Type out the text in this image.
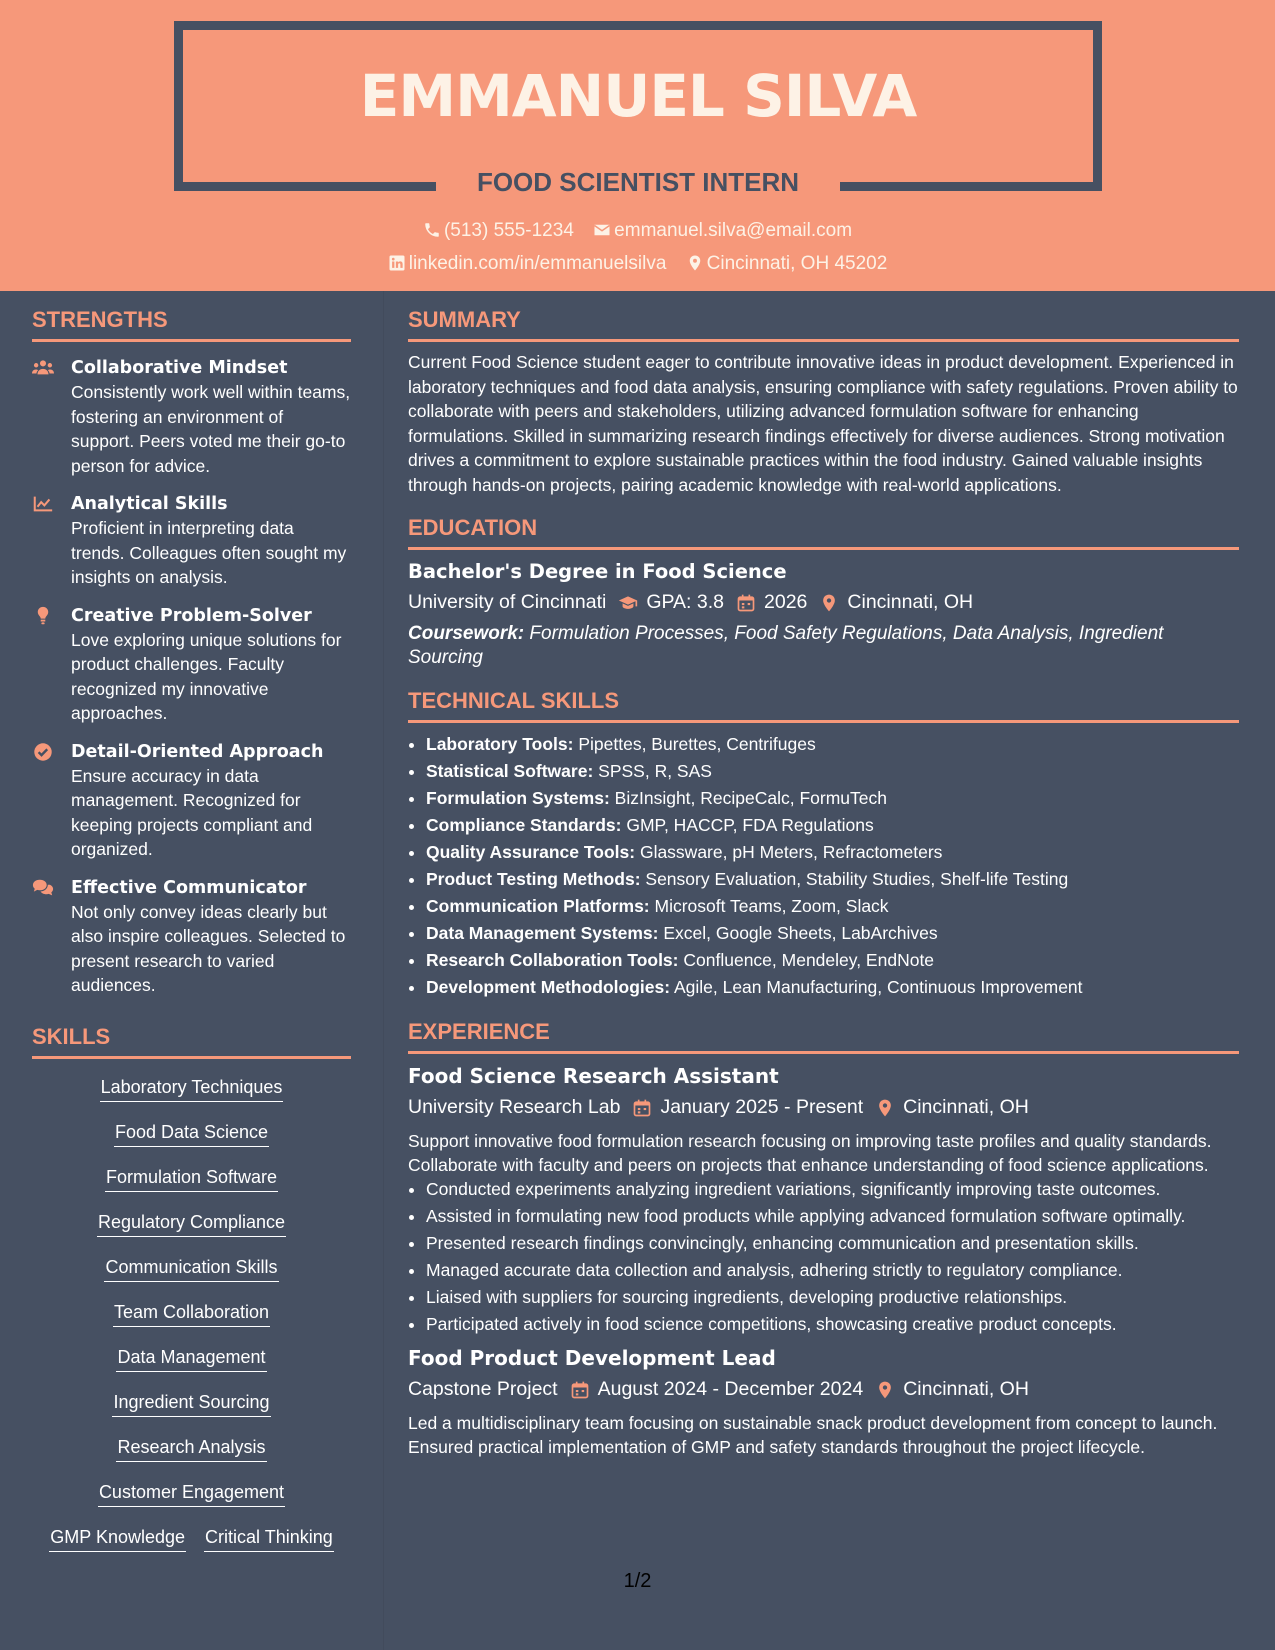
EMMANUEL SILVA
FOOD SCIENTIST INTERN
(513) 555-1234 emmanuel.silva@email.com
linkedin.com/in/emmanuelsilva Cincinnati, OH 45202
STRENGTHS
Collaborative Mindset
Consistently work well within teams, fostering an environment of support. Peers voted me their go-to person for advice.
Analytical Skills
Proficient in interpreting data trends. Colleagues often sought my insights on analysis.
Creative Problem-Solver
Love exploring unique solutions for product challenges. Faculty recognized my innovative approaches.
Detail-Oriented Approach
Ensure accuracy in data management. Recognized for keeping projects compliant and organized.
Effective Communicator
Not only convey ideas clearly but also inspire colleagues. Selected to present research to varied audiences.
SKILLS
Laboratory Techniques
Food Data Science
Formulation Software
Regulatory Compliance
Communication Skills
Team Collaboration
Data Management
Ingredient Sourcing
Research Analysis
Customer Engagement
GMP Knowledge Critical Thinking
SUMMARY
Current Food Science student eager to contribute innovative ideas in product development. Experienced in laboratory techniques and food data analysis, ensuring compliance with safety regulations. Proven ability to collaborate with peers and stakeholders, utilizing advanced formulation software for enhancing formulations. Skilled in summarizing research findings effectively for diverse audiences. Strong motivation drives a commitment to explore sustainable practices within the food industry. Gained valuable insights through hands-on projects, pairing academic knowledge with real-world applications.
EDUCATION
Bachelor's Degree in Food Science
University of Cincinnati GPA: 3.8 2026 Cincinnati, OH
Coursework: Formulation Processes, Food Safety Regulations, Data Analysis, Ingredient Sourcing
TECHNICAL SKILLS
• Laboratory Tools: Pipettes, Burettes, Centrifuges
• Statistical Software: SPSS, R, SAS
• Formulation Systems: BizInsight, RecipeCalc, FormuTech
• Compliance Standards: GMP, HACCP, FDA Regulations
• Quality Assurance Tools: Glassware, pH Meters, Refractometers
• Product Testing Methods: Sensory Evaluation, Stability Studies, Shelf-life Testing
• Communication Platforms: Microsoft Teams, Zoom, Slack
• Data Management Systems: Excel, Google Sheets, LabArchives
• Research Collaboration Tools: Confluence, Mendeley, EndNote
• Development Methodologies: Agile, Lean Manufacturing, Continuous Improvement
EXPERIENCE
Food Science Research Assistant
University Research Lab January 2025 - Present Cincinnati, OH
Support innovative food formulation research focusing on improving taste profiles and quality standards. Collaborate with faculty and peers on projects that enhance understanding of food science applications.
• Conducted experiments analyzing ingredient variations, significantly improving taste outcomes.
• Assisted in formulating new food products while applying advanced formulation software optimally.
• Presented research findings convincingly, enhancing communication and presentation skills.
• Managed accurate data collection and analysis, adhering strictly to regulatory compliance.
• Liaised with suppliers for sourcing ingredients, developing productive relationships.
• Participated actively in food science competitions, showcasing creative product concepts.
Food Product Development Lead
Capstone Project August 2024 - December 2024 Cincinnati, OH
Led a multidisciplinary team focusing on sustainable snack product development from concept to launch. Ensured practical implementation of GMP and safety standards throughout the project lifecycle.
1/2
